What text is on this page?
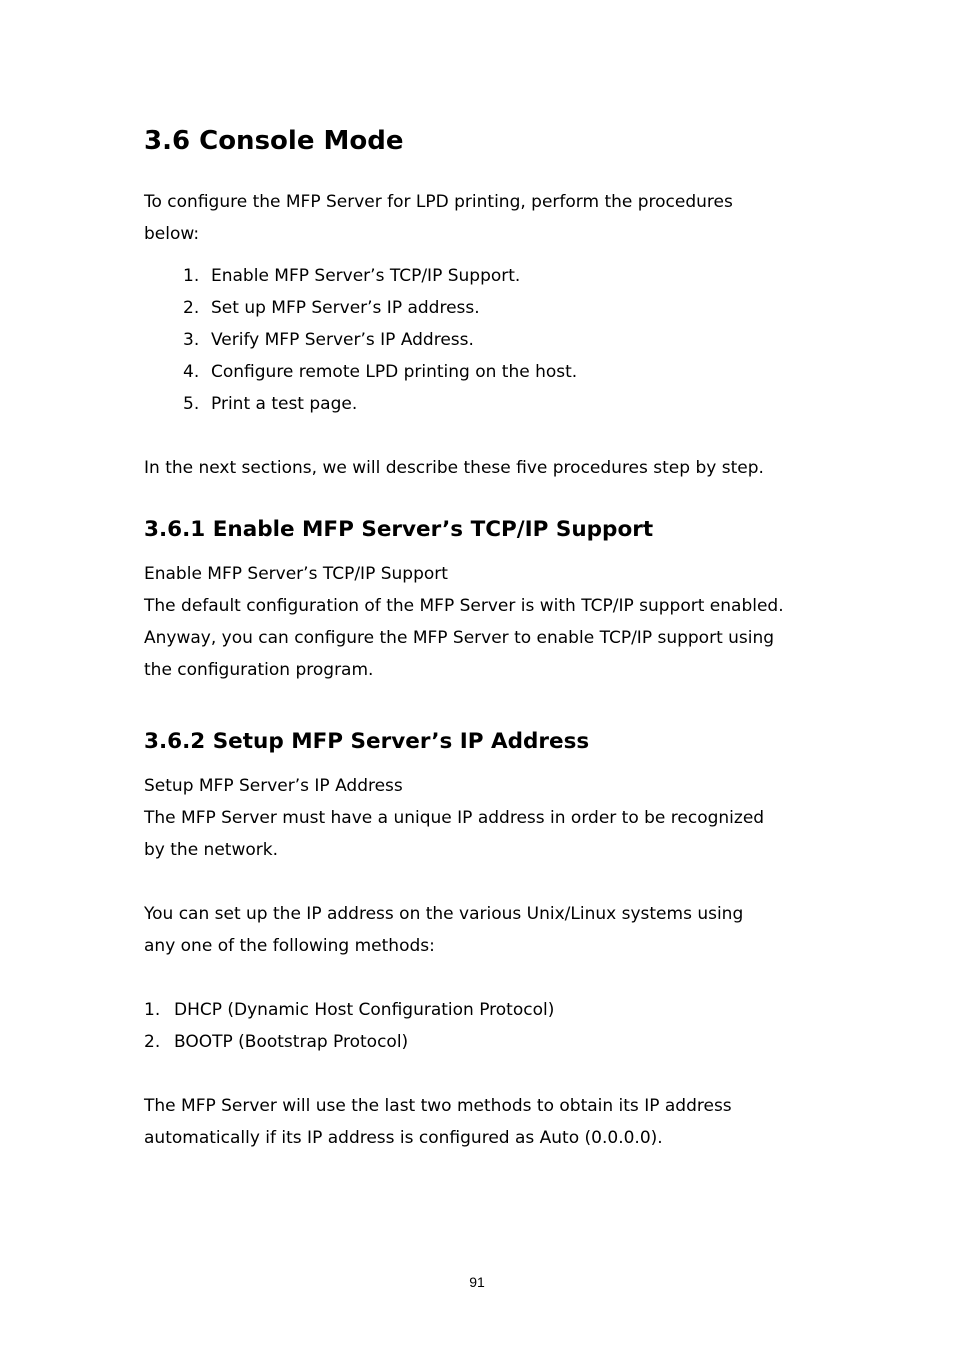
3.6 Console Mode

To configure the MFP Server for LPD printing, perform the procedures

below:

1. Enable MFP Server’s TCP/IP Support.
2. Set up MFP Server’s IP address.
3. Verify MFP Server’s IP Address.
4. Configure remote LPD printing on the host.
5. Print a test page.

In the next sections, we will describe these five procedures step by step.

3.6.1 Enable MFP Server’s TCP/IP Support

Enable MFP Server’s TCP/IP Support

The default configuration of the MFP Server is with TCP/IP support enabled.

Anyway, you can configure the MFP Server to enable TCP/IP support using

the configuration program.

3.6.2 Setup MFP Server’s IP Address

Setup MFP Server’s IP Address

The MFP Server must have a unique IP address in order to be recognized

by the network.

You can set up the IP address on the various Unix/Linux systems using

any one of the following methods:

1. DHCP (Dynamic Host Configuration Protocol)
2. BOOTP (Bootstrap Protocol)

The MFP Server will use the last two methods to obtain its IP address

automatically if its IP address is configured as Auto (0.0.0.0).

91
